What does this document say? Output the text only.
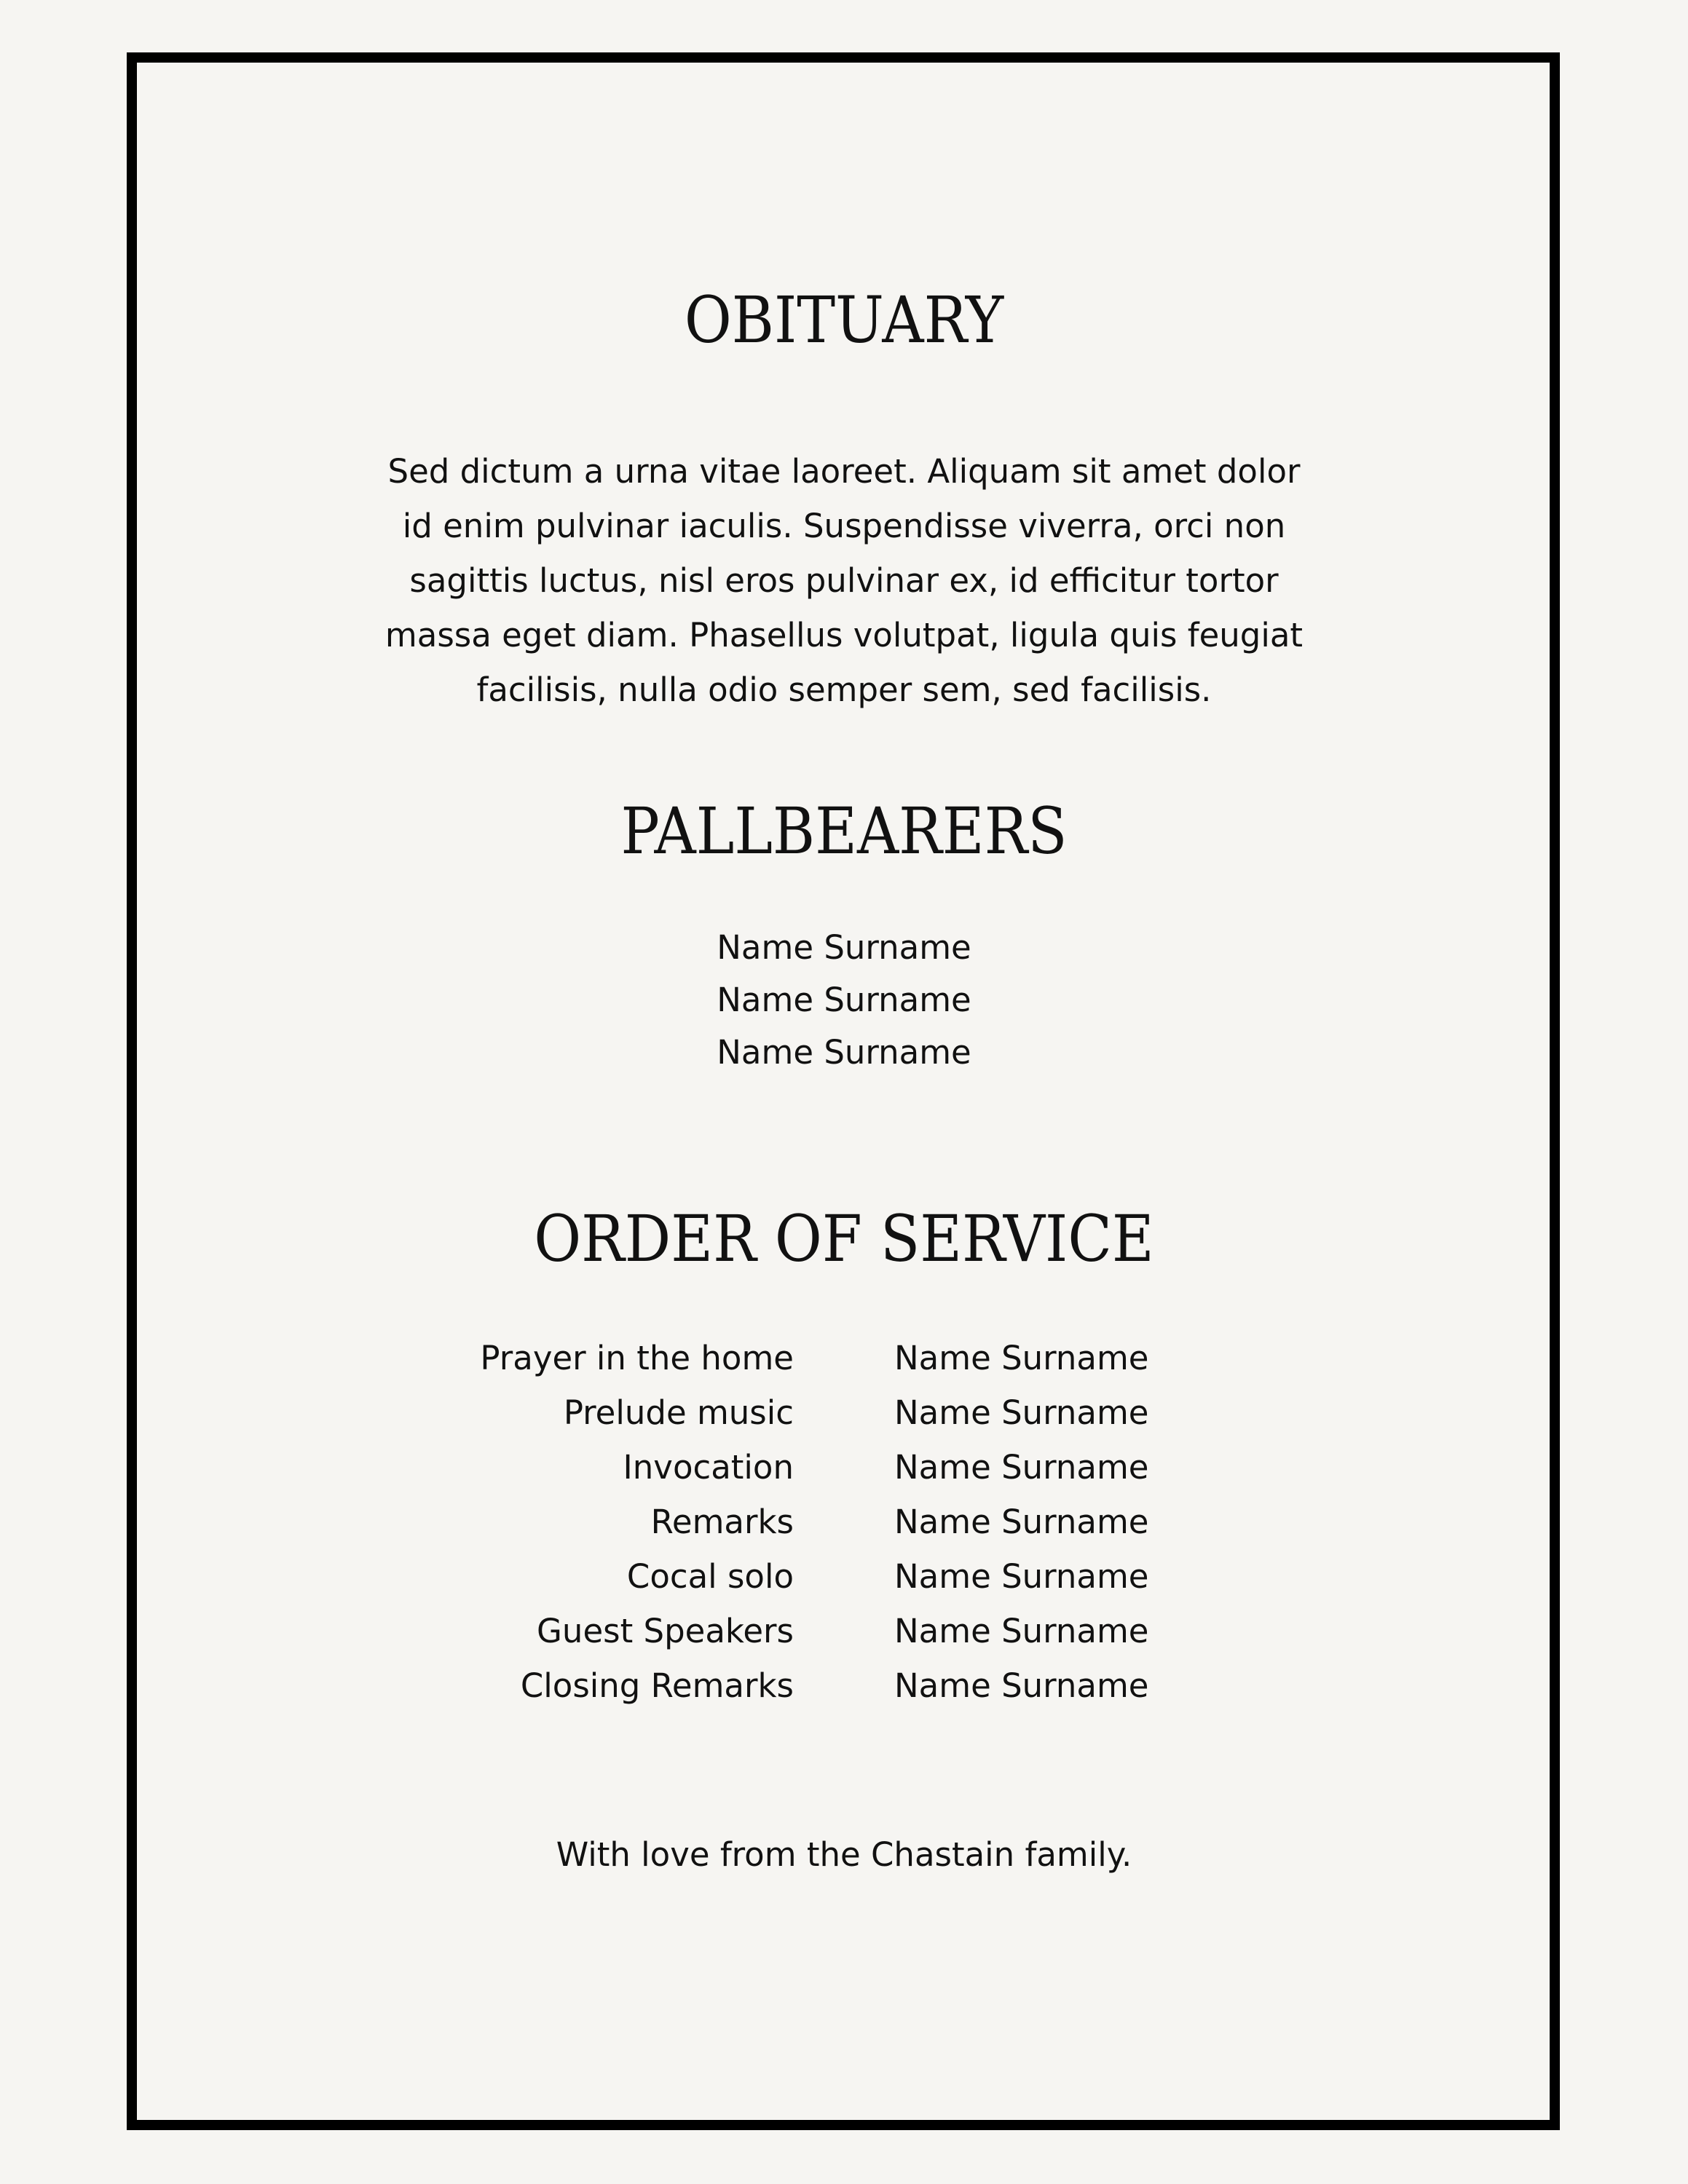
OBITUARY

Sed dictum a urna vitae laoreet. Aliquam sit amet dolor id enim pulvinar iaculis. Suspendisse viverra, orci non sagittis luctus, nisl eros pulvinar ex, id efficitur tortor massa eget diam. Phasellus volutpat, ligula quis feugiat facilisis, nulla odio semper sem, sed facilisis.

PALLBEARERS
Name Surname
Name Surname
Name Surname
ORDER OF SERVICE
Prayer in the home	Name Surname
Prelude music	Name Surname
Invocation	Name Surname
Remarks	Name Surname
Cocal solo	Name Surname
Guest Speakers	Name Surname
Closing Remarks	Name Surname

With love from the Chastain family.
